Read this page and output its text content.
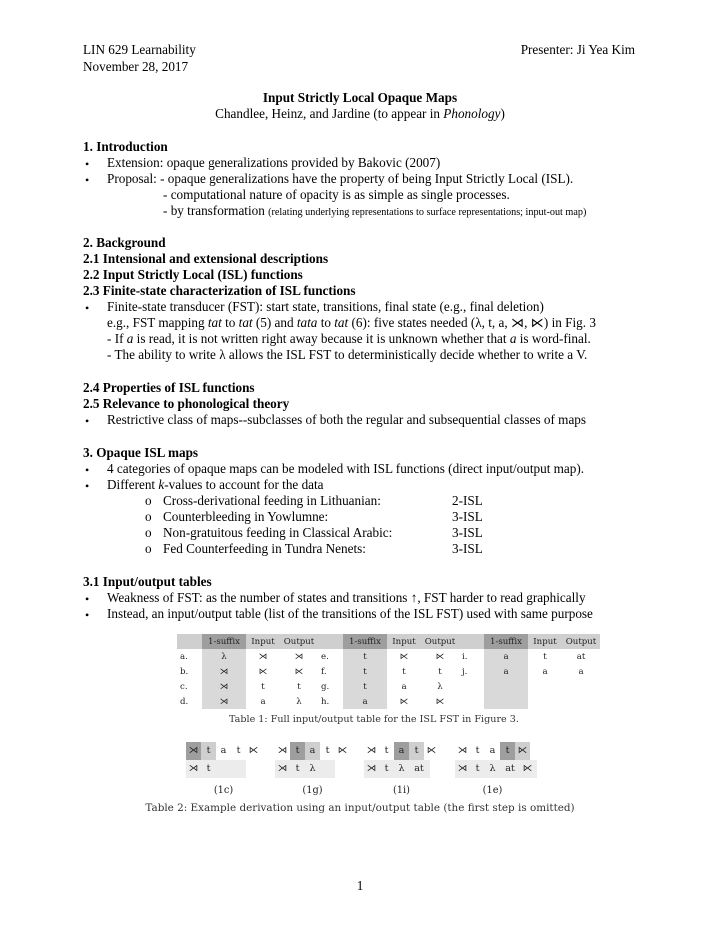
LIN 629 Learnability	Presenter: Ji Yea Kim
November 28, 2017
Input Strictly Local Opaque Maps
Chandlee, Heinz, and Jardine (to appear in Phonology)
1. Introduction
• Extension: opaque generalizations provided by Bakovic (2007)
• Proposal: - opaque generalizations have the property of being Input Strictly Local (ISL).
- computational nature of opacity is as simple as single processes.
- by transformation (relating underlying representations to surface representations; input-out map)
2. Background
2.1 Intensional and extensional descriptions
2.2 Input Strictly Local (ISL) functions
2.3 Finite-state characterization of ISL functions
• Finite-state transducer (FST): start state, transitions, final state (e.g., final deletion)
e.g., FST mapping tat to tat (5) and tata to tat (6): five states needed (λ, t, a, ⋊, ⋉) in Fig. 3
- If a is read, it is not written right away because it is unknown whether that a is word-final.
- The ability to write λ allows the ISL FST to deterministically decide whether to write a V.
2.4 Properties of ISL functions
2.5 Relevance to phonological theory
• Restrictive class of maps--subclasses of both the regular and subsequential classes of maps
3. Opaque ISL maps
• 4 categories of opaque maps can be modeled with ISL functions (direct input/output map).
• Different k-values to account for the data
o Cross-derivational feeding in Lithuanian:	2-ISL
o Counterbleeding in Yowlumne:	3-ISL
o Non-gratuitous feeding in Classical Arabic:	3-ISL
o Fed Counterfeeding in Tundra Nenets:	3-ISL
3.1 Input/output tables
• Weakness of FST: as the number of states and transitions ↑, FST harder to read graphically
• Instead, an input/output table (list of the transitions of the ISL FST) used with same purpose
	1-suffix	Input	Output		1-suffix	Input	Output		1-suffix	Input	Output
a.	λ	⋊	⋊	e.	t	⋉	⋉	i.	a	t	at
b.	⋊	⋉	⋉	f.	t	t	t	j.	a	a	a
c.	⋊	t	t	g.	t	a	λ				
d.	⋊	a	λ	h.	a	⋉	⋉				
Table 1: Full input/output table for the ISL FST in Figure 3.
⋊ t	a	t ⋉
⋊ t
(1c)
⋊ t	a	t ⋉
⋊ t	λ
(1g)
⋊ t	a	t ⋉
⋊ t	λ	at
(1i)
⋊ t	a	t ⋉
⋊ t	λ	at ⋉
(1e)
Table 2: Example derivation using an input/output table (the first step is omitted)
1
